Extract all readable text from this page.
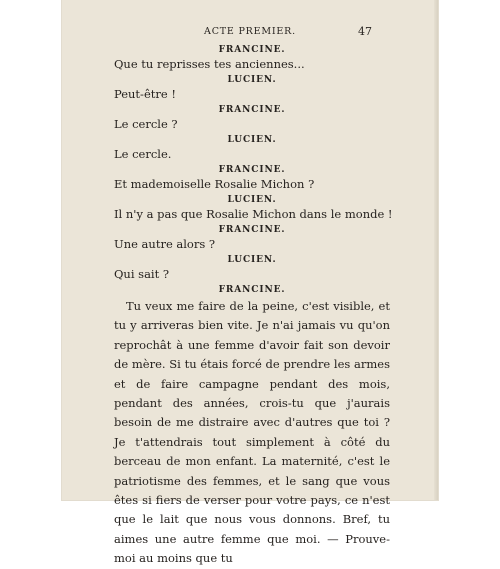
ACTE PREMIER.	47
FRANCINE.
Que tu reprisses tes anciennes...
LUCIEN.
Peut-être !
FRANCINE.
Le cercle ?
LUCIEN.
Le cercle.
FRANCINE.
Et mademoiselle Rosalie Michon ?
LUCIEN.
Il n'y a pas que Rosalie Michon dans le monde !
FRANCINE.
Une autre alors ?
LUCIEN.
Qui sait ?
FRANCINE.
Tu veux me faire de la peine, c'est visible, et tu y arriveras bien vite. Je n'ai jamais vu qu'on reprochât à une femme d'avoir fait son devoir de mère. Si tu étais forcé de prendre les armes et de faire campagne pendant des mois, pendant des années, crois-tu que j'aurais besoin de me distraire avec d'autres que toi ? Je t'attendrais tout simplement à côté du berceau de mon enfant. La maternité, c'est le patriotisme des femmes, et le sang que vous êtes si fiers de verser pour votre pays, ce n'est que le lait que nous vous donnons. Bref, tu aimes une autre femme que moi. — Prouve-moi au moins que tu
